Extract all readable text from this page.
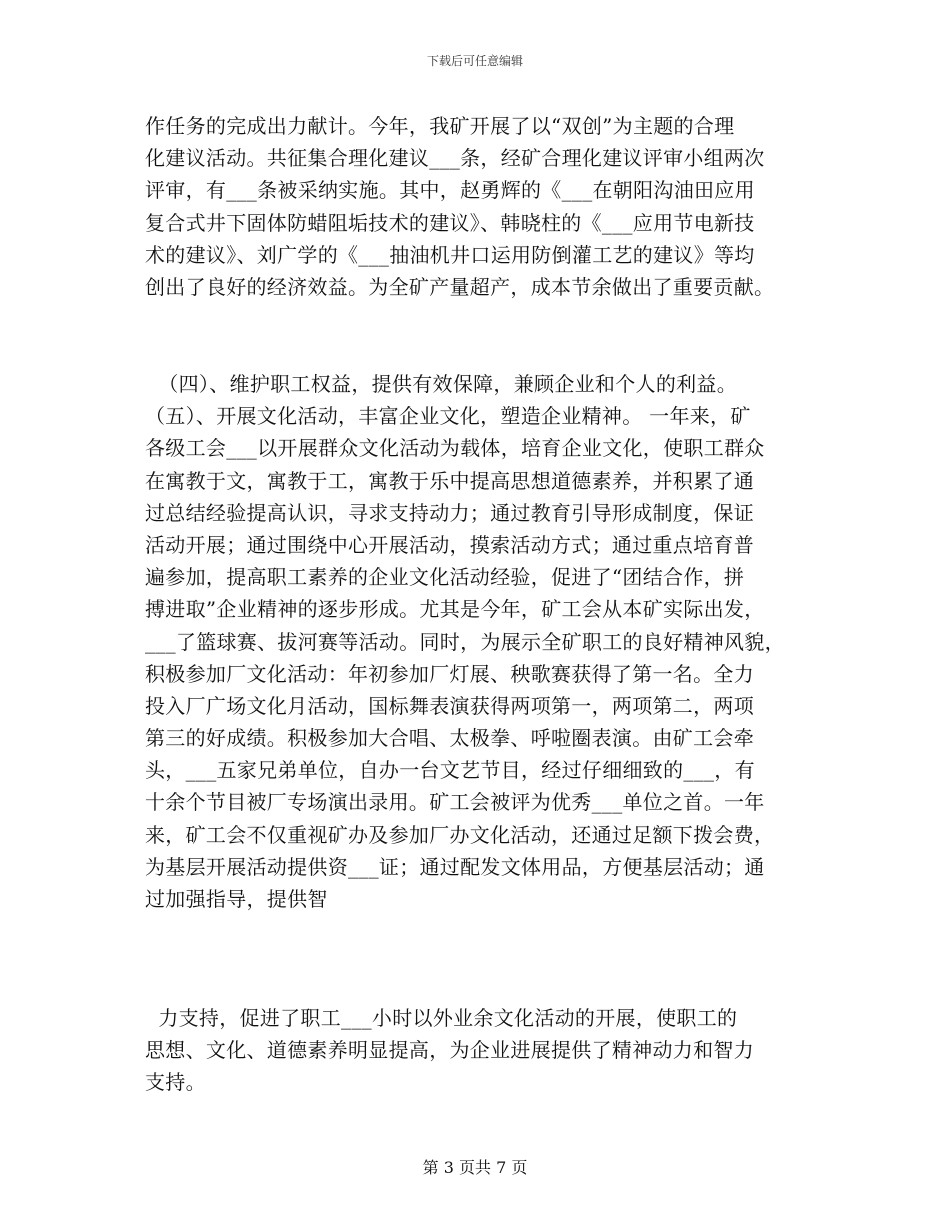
下载后可任意编辑
作任务的完成出力献计。今年，我矿开展了以“双创”为主题的合理
化建议活动。共征集合理化建议___条，经矿合理化建议评审小组两次
评审，有___条被采纳实施。其中，赵勇辉的《___在朝阳沟油田应用
复合式井下固体防蜡阻垢技术的建议》、韩晓柱的《___应用节电新技
术的建议》、刘广学的《___抽油机井口运用防倒灌工艺的建议》等均
创出了良好的经济效益。为全矿产量超产，成本节余做出了重要贡献。
（四）、维护职工权益，提供有效保障，兼顾企业和个人的利益。
（五）、开展文化活动，丰富企业文化，塑造企业精神。 一年来，矿
各级工会___以开展群众文化活动为载体，培育企业文化，使职工群众
在寓教于文，寓教于工，寓教于乐中提高思想道德素养，并积累了通
过总结经验提高认识，寻求支持动力；通过教育引导形成制度，保证
活动开展；通过围绕中心开展活动，摸索活动方式；通过重点培育普
遍参加，提高职工素养的企业文化活动经验，促进了“团结合作，拼
搏进取”企业精神的逐步形成。尤其是今年，矿工会从本矿实际出发，
___了篮球赛、拔河赛等活动。同时，为展示全矿职工的良好精神风貌，
积极参加厂文化活动：年初参加厂灯展、秧歌赛获得了第一名。全力
投入厂广场文化月活动，国标舞表演获得两项第一，两项第二，两项
第三的好成绩。积极参加大合唱、太极拳、呼啦圈表演。由矿工会牵
头，___五家兄弟单位，自办一台文艺节目，经过仔细细致的___，有
十余个节目被厂专场演出录用。矿工会被评为优秀___单位之首。一年
来，矿工会不仅重视矿办及参加厂办文化活动，还通过足额下拨会费，
为基层开展活动提供资___证；通过配发文体用品，方便基层活动；通
过加强指导，提供智
力支持，促进了职工___小时以外业余文化活动的开展，使职工的
思想、文化、道德素养明显提高，为企业进展提供了精神动力和智力
支持。
第 3 页共 7 页
